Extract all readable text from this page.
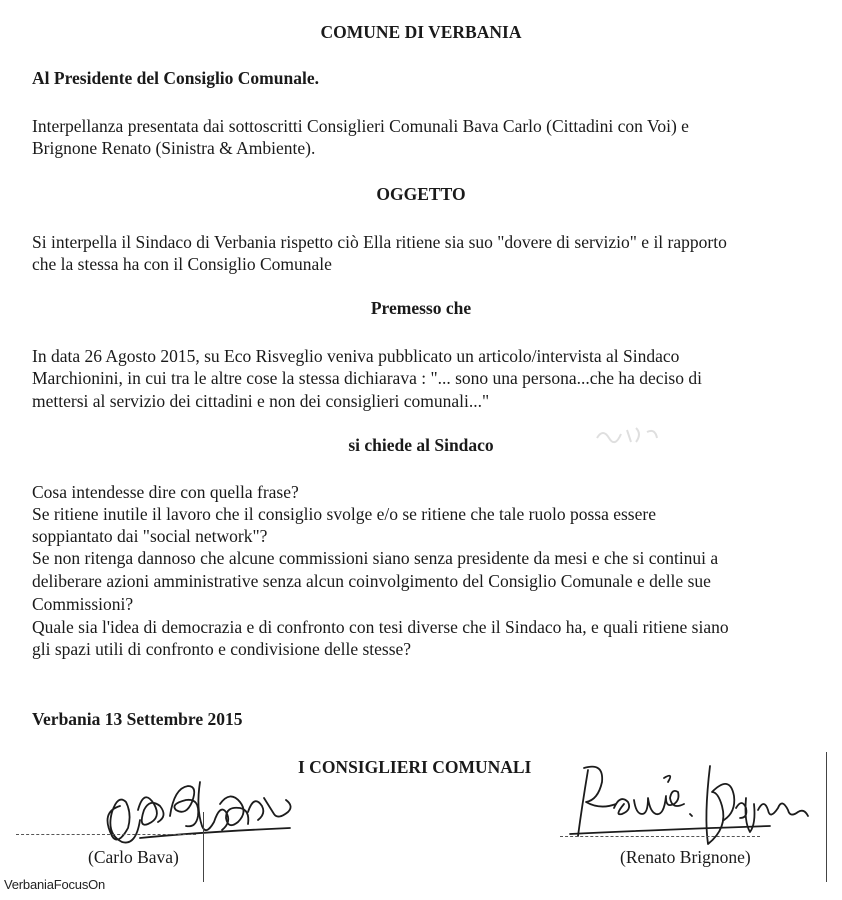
COMUNE DI VERBANIA
Al Presidente del Consiglio Comunale.
Interpellanza presentata dai sottoscritti Consiglieri Comunali Bava Carlo (Cittadini con Voi) e
Brignone Renato (Sinistra & Ambiente).
OGGETTO
Si interpella il Sindaco di Verbania rispetto ciò Ella ritiene sia suo "dovere di servizio" e il rapporto
che la stessa ha con il Consiglio Comunale
Premesso che
In data 26 Agosto 2015, su Eco Risveglio veniva pubblicato un articolo/intervista al Sindaco
Marchionini, in cui tra le altre cose la stessa dichiarava : "... sono una persona...che ha deciso di
mettersi al servizio dei cittadini e non dei consiglieri comunali..."
si chiede al Sindaco
Cosa intendesse dire con quella frase?
Se ritiene inutile il lavoro che il consiglio svolge e/o se ritiene che tale ruolo possa essere
soppiantato dai "social network"?
Se non ritenga dannoso che alcune commissioni siano senza presidente da mesi e che si continui a
deliberare azioni amministrative senza alcun coinvolgimento del Consiglio Comunale e delle sue
Commissioni?
Quale sia l'idea di democrazia e di confronto con tesi diverse che il Sindaco ha, e quali ritiene siano
gli spazi utili di confronto e condivisione delle stesse?
Verbania 13 Settembre 2015
I CONSIGLIERI COMUNALI
(Carlo Bava)	(Renato Brignone)
VerbaniaFocusOn
